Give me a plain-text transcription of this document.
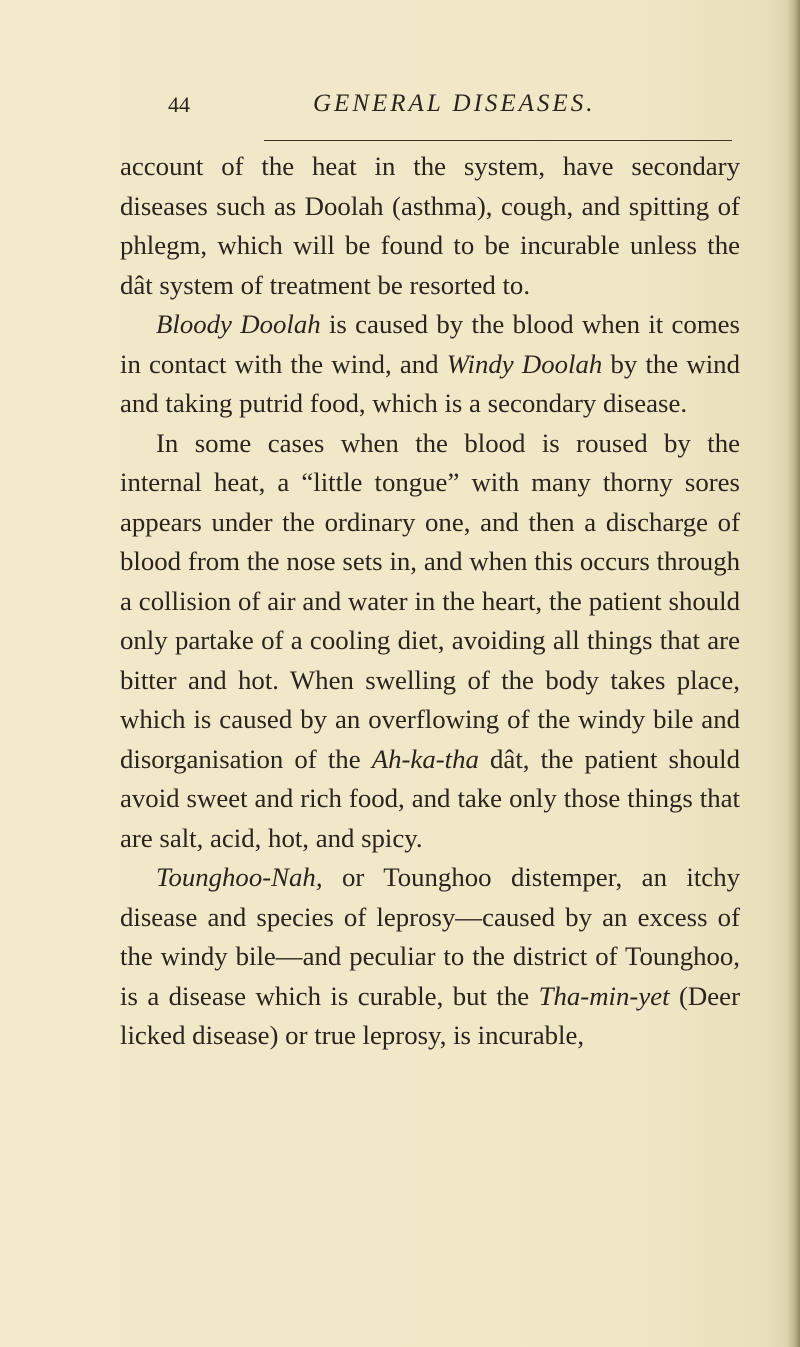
44	GENERAL DISEASES.

account of the heat in the system, have secondary diseases such as Doolah (asthma), cough, and spitting of phlegm, which will be found to be incurable unless the dât system of treatment be resorted to.

Bloody Doolah is caused by the blood when it comes in contact with the wind, and Windy Doolah by the wind and taking putrid food, which is a secondary disease.

In some cases when the blood is roused by the internal heat, a “little tongue” with many thorny sores appears under the ordinary one, and then a discharge of blood from the nose sets in, and when this occurs through a collision of air and water in the heart, the patient should only partake of a cooling diet, avoiding all things that are bitter and hot. When swelling of the body takes place, which is caused by an overflowing of the windy bile and disorganisation of the Ah-ka-tha dât, the patient should avoid sweet and rich food, and take only those things that are salt, acid, hot, and spicy.

Tounghoo-Nah, or Tounghoo distemper, an itchy disease and species of leprosy—caused by an excess of the windy bile—and peculiar to the district of Tounghoo, is a disease which is curable, but the Tha-min-yet (Deer licked disease) or true leprosy, is incurable,
